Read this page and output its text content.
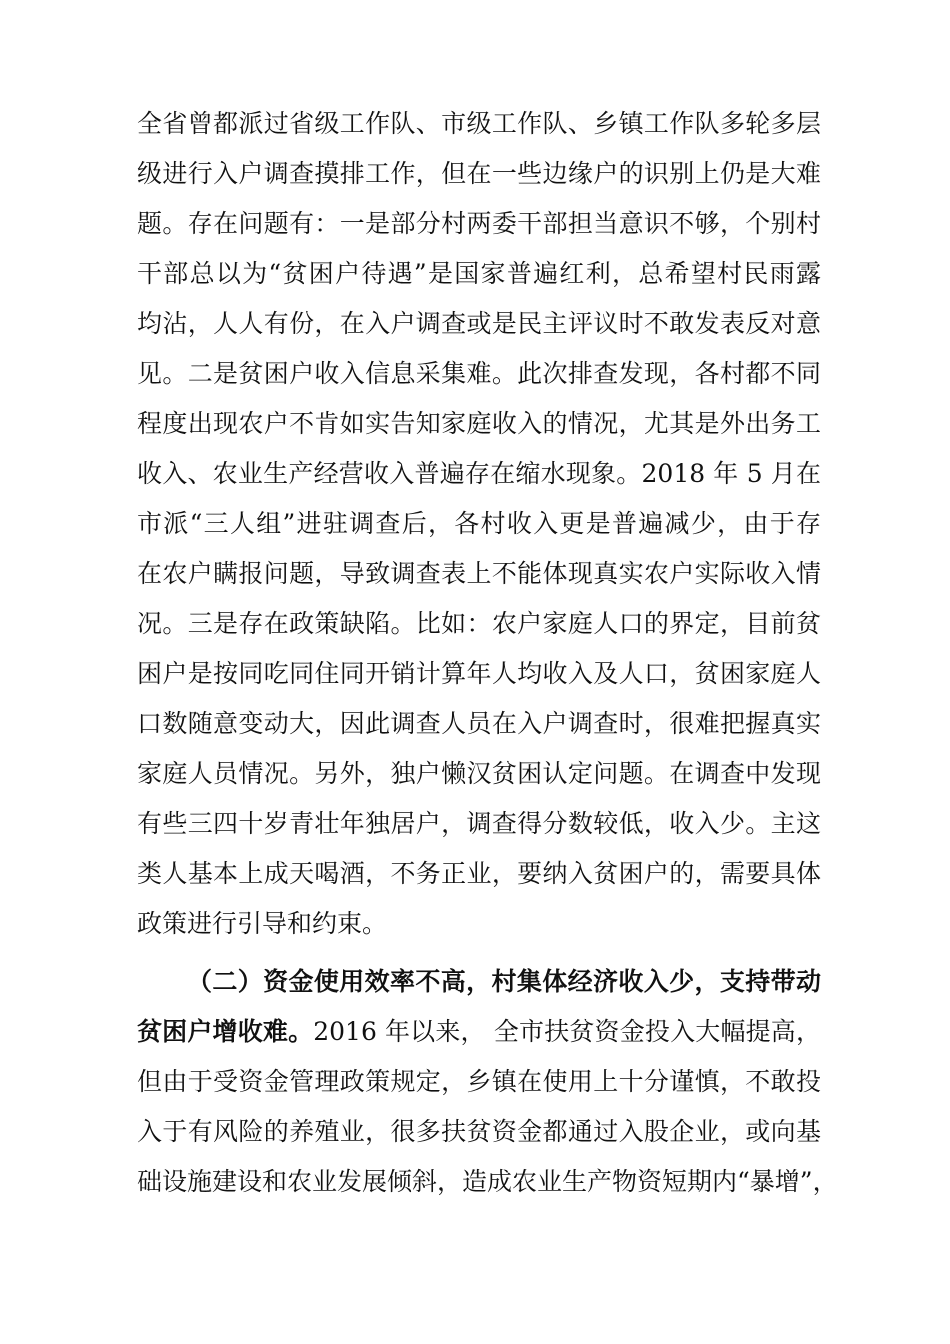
全省曾都派过省级工作队、市级工作队、乡镇工作队多轮多层
级进行入户调查摸排工作，但在一些边缘户的识别上仍是大难
题。存在问题有：一是部分村两委干部担当意识不够，个别村
干部总以为“贫困户待遇”是国家普遍红利，总希望村民雨露
均沾，人人有份，在入户调查或是民主评议时不敢发表反对意
见。二是贫困户收入信息采集难。此次排查发现，各村都不同
程度出现农户不肯如实告知家庭收入的情况，尤其是外出务工
收入、农业生产经营收入普遍存在缩水现象。2018 年 5 月在
市派“三人组”进驻调查后，各村收入更是普遍减少，由于存
在农户瞒报问题，导致调查表上不能体现真实农户实际收入情
况。三是存在政策缺陷。比如：农户家庭人口的界定，目前贫
困户是按同吃同住同开销计算年人均收入及人口，贫困家庭人
口数随意变动大，因此调查人员在入户调查时，很难把握真实
家庭人员情况。另外，独户懒汉贫困认定问题。在调查中发现
有些三四十岁青壮年独居户，调查得分数较低，收入少。主这
类人基本上成天喝酒，不务正业，要纳入贫困户的，需要具体
政策进行引导和约束。
（二）资金使用效率不高，村集体经济收入少，支持带动
贫困户增收难。2016 年以来， 全市扶贫资金投入大幅提高，
但由于受资金管理政策规定，乡镇在使用上十分谨慎，不敢投
入于有风险的养殖业，很多扶贫资金都通过入股企业，或向基
础设施建设和农业发展倾斜，造成农业生产物资短期内“暴增”，
